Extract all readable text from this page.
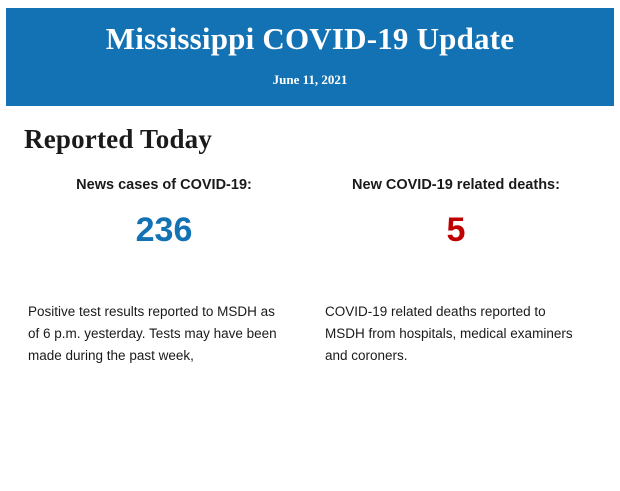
Mississippi COVID-19 Update
June 11, 2021
Reported Today
News cases of COVID-19:
236
New COVID-19 related deaths:
5
Positive test results reported to MSDH as of 6 p.m. yesterday. Tests may have been made during the past week,
COVID-19 related deaths reported to MSDH from hospitals, medical examiners and coroners.
